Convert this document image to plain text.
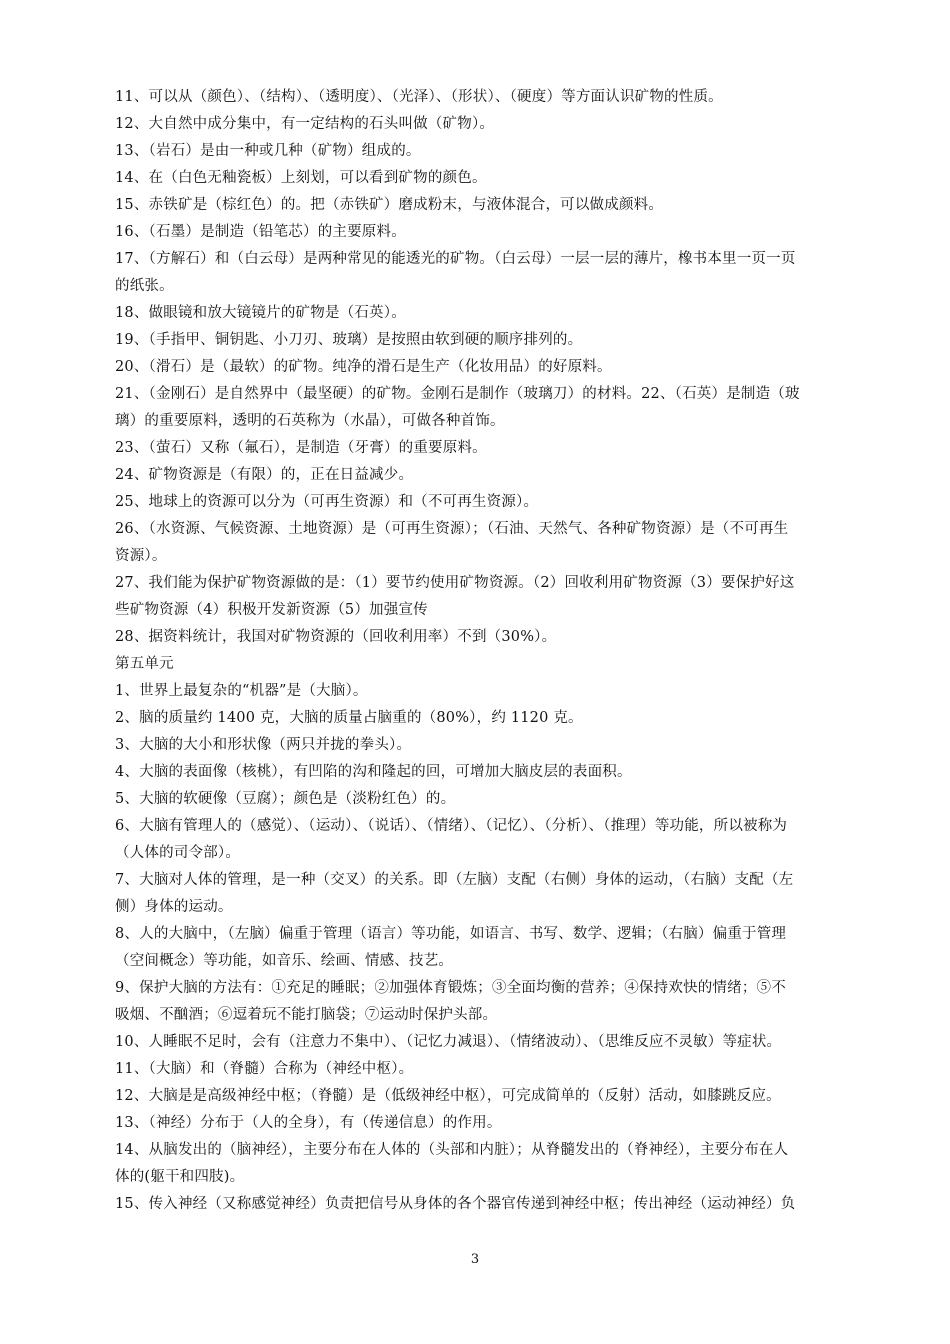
11、可以从（颜色）、（结构）、（透明度）、（光泽）、（形状）、（硬度）等方面认识矿物的性质。
12、大自然中成分集中，有一定结构的石头叫做（矿物）。
13、（岩石）是由一种或几种（矿物）组成的。
14、在（白色无釉瓷板）上刻划，可以看到矿物的颜色。
15、赤铁矿是（棕红色）的。把（赤铁矿）磨成粉末，与液体混合，可以做成颜料。
16、（石墨）是制造（铅笔芯）的主要原料。
17、（方解石）和（白云母）是两种常见的能透光的矿物。（白云母）一层一层的薄片，橡书本里一页一页
的纸张。
18、做眼镜和放大镜镜片的矿物是（石英）。
19、（手指甲、铜钥匙、小刀刃、玻璃）是按照由软到硬的顺序排列的。
20、（滑石）是（最软）的矿物。纯净的滑石是生产（化妆用品）的好原料。
21、（金刚石）是自然界中（最坚硬）的矿物。金刚石是制作（玻璃刀）的材料。22、（石英）是制造（玻
璃）的重要原料，透明的石英称为（水晶），可做各种首饰。
23、（萤石）又称（氟石），是制造（牙膏）的重要原料。
24、矿物资源是（有限）的，正在日益减少。
25、地球上的资源可以分为（可再生资源）和（不可再生资源）。
26、（水资源、气候资源、土地资源）是（可再生资源）；（石油、天然气、各种矿物资源）是（不可再生
资源）。
27、我们能为保护矿物资源做的是：（1）要节约使用矿物资源。（2）回收利用矿物资源（3）要保护好这
些矿物资源（4）积极开发新资源（5）加强宣传
28、据资料统计，我国对矿物资源的（回收利用率）不到（30%）。
第五单元
1、世界上最复杂的“机器”是（大脑）。
2、脑的质量约 1400 克，大脑的质量占脑重的（80%），约 1120 克。
3、大脑的大小和形状像（两只并拢的拳头）。
4、大脑的表面像（核桃），有凹陷的沟和隆起的回，可增加大脑皮层的表面积。
5、大脑的软硬像（豆腐）；颜色是（淡粉红色）的。
6、大脑有管理人的（感觉）、（运动）、（说话）、（情绪）、（记忆）、（分析）、（推理）等功能，所以被称为
（人体的司令部）。
7、大脑对人体的管理，是一种（交叉）的关系。即（左脑）支配（右侧）身体的运动，（右脑）支配（左
侧）身体的运动。
8、人的大脑中，（左脑）偏重于管理（语言）等功能，如语言、书写、数学、逻辑；（右脑）偏重于管理
（空间概念）等功能，如音乐、绘画、情感、技艺。
9、保护大脑的方法有：①充足的睡眠；②加强体育锻炼；③全面均衡的营养；④保持欢快的情绪；⑤不
吸烟、不酗酒；⑥逗着玩不能打脑袋；⑦运动时保护头部。
10、人睡眠不足时，会有（注意力不集中）、（记忆力减退）、（情绪波动）、（思维反应不灵敏）等症状。
11、（大脑）和（脊髓）合称为（神经中枢）。
12、大脑是是高级神经中枢；（脊髓）是（低级神经中枢），可完成简单的（反射）活动，如膝跳反应。
13、（神经）分布于（人的全身），有（传递信息）的作用。
14、从脑发出的（脑神经），主要分布在人体的（头部和内脏）；从脊髓发出的（脊神经），主要分布在人
体的(躯干和四肢)。
15、传入神经（又称感觉神经）负责把信号从身体的各个器官传递到神经中枢；传出神经（运动神经）负
3
